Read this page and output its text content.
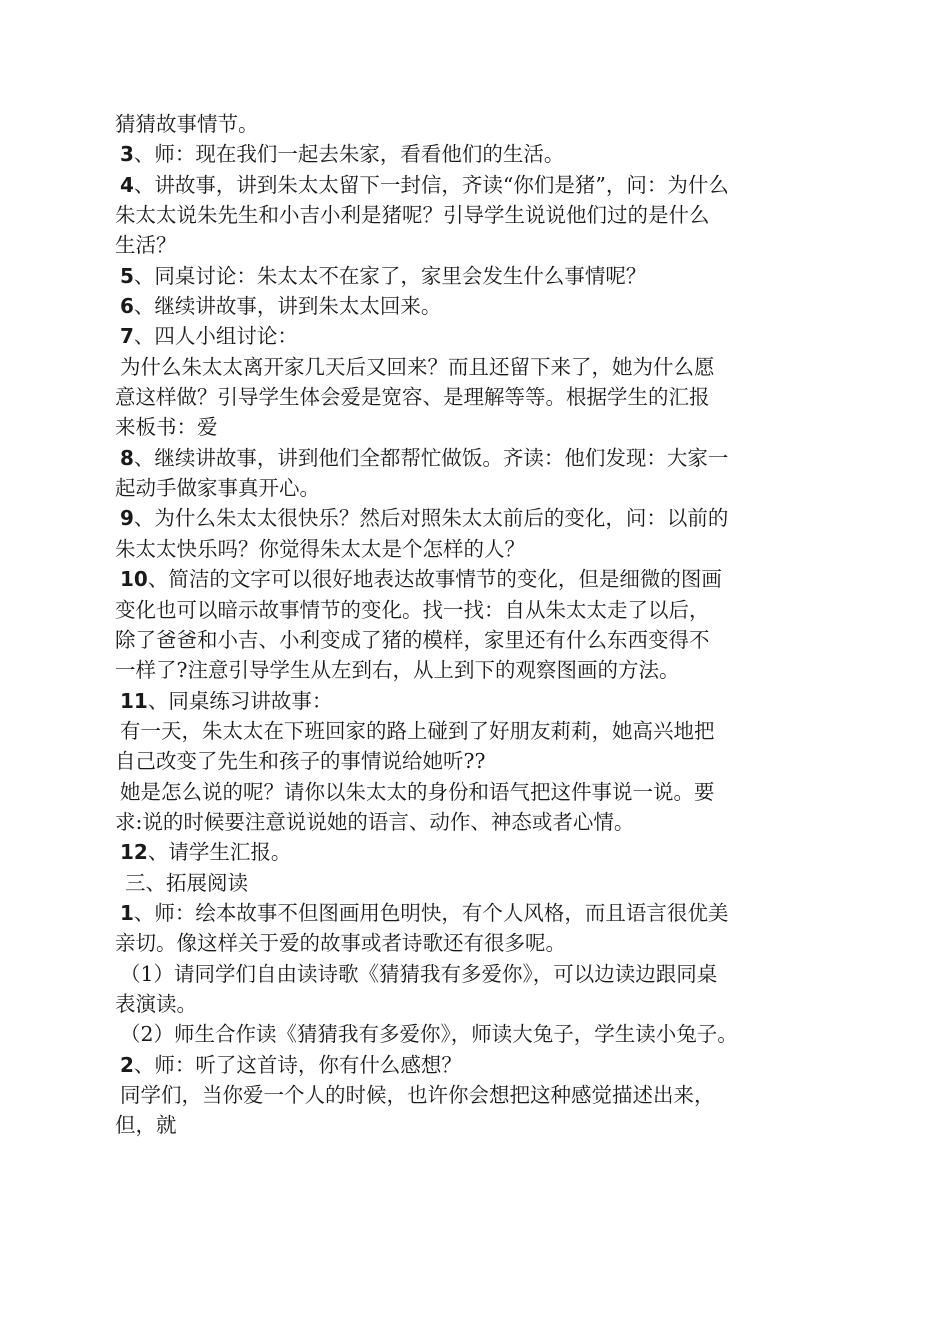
猜猜故事情节。
3、师：现在我们一起去朱家，看看他们的生活。
4、讲故事，讲到朱太太留下一封信，齐读“你们是猪”，问：为什么
朱太太说朱先生和小吉小利是猪呢？引导学生说说他们过的是什么
生活？
5、同桌讨论：朱太太不在家了，家里会发生什么事情呢？
6、继续讲故事，讲到朱太太回来。
7、四人小组讨论：
为什么朱太太离开家几天后又回来？而且还留下来了，她为什么愿
意这样做？引导学生体会爱是宽容、是理解等等。根据学生的汇报
来板书：爱
8、继续讲故事，讲到他们全都帮忙做饭。齐读：他们发现：大家一
起动手做家事真开心。
9、为什么朱太太很快乐？然后对照朱太太前后的变化，问：以前的
朱太太快乐吗？你觉得朱太太是个怎样的人？
10、简洁的文字可以很好地表达故事情节的变化，但是细微的图画
变化也可以暗示故事情节的变化。找一找：自从朱太太走了以后，
除了爸爸和小吉、小利变成了猪的模样，家里还有什么东西变得不
一样了?注意引导学生从左到右，从上到下的观察图画的方法。
11、同桌练习讲故事：
有一天，朱太太在下班回家的路上碰到了好朋友莉莉，她高兴地把
自己改变了先生和孩子的事情说给她听??
她是怎么说的呢？请你以朱太太的身份和语气把这件事说一说。要
求:说的时候要注意说说她的语言、动作、神态或者心情。
12、请学生汇报。
三、拓展阅读
1、师：绘本故事不但图画用色明快，有个人风格，而且语言很优美
亲切。像这样关于爱的故事或者诗歌还有很多呢。
（1）请同学们自由读诗歌《猜猜我有多爱你》，可以边读边跟同桌
表演读。
（2）师生合作读《猜猜我有多爱你》，师读大兔子，学生读小兔子。
2、师：听了这首诗，你有什么感想？
同学们，当你爱一个人的时候，也许你会想把这种感觉描述出来，
但，就
